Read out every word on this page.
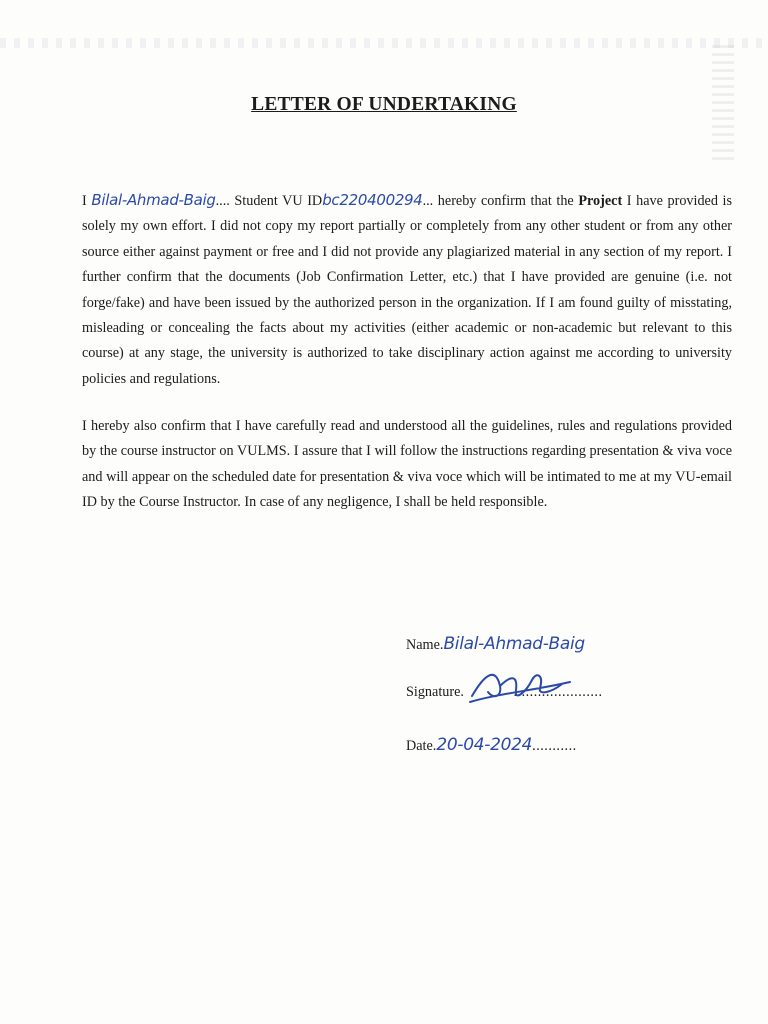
LETTER OF UNDERTAKING
I Bilal-Ahmad-Baig.... Student VU IDbc220400294... hereby confirm that the Project I have provided is solely my own effort. I did not copy my report partially or completely from any other student or from any other source either against payment or free and I did not provide any plagiarized material in any section of my report. I further confirm that the documents (Job Confirmation Letter, etc.) that I have provided are genuine (i.e. not forge/fake) and have been issued by the authorized person in the organization. If I am found guilty of misstating, misleading or concealing the facts about my activities (either academic or non-academic but relevant to this course) at any stage, the university is authorized to take disciplinary action against me according to university policies and regulations.
I hereby also confirm that I have carefully read and understood all the guidelines, rules and regulations provided by the course instructor on VULMS. I assure that I will follow the instructions regarding presentation & viva voce and will appear on the scheduled date for presentation & viva voce which will be intimated to me at my VU-email ID by the Course Instructor. In case of any negligence, I shall be held responsible.
Name.Bilal-Ahmad-Baig
Signature.	......................
Date.20-04-2024...........
